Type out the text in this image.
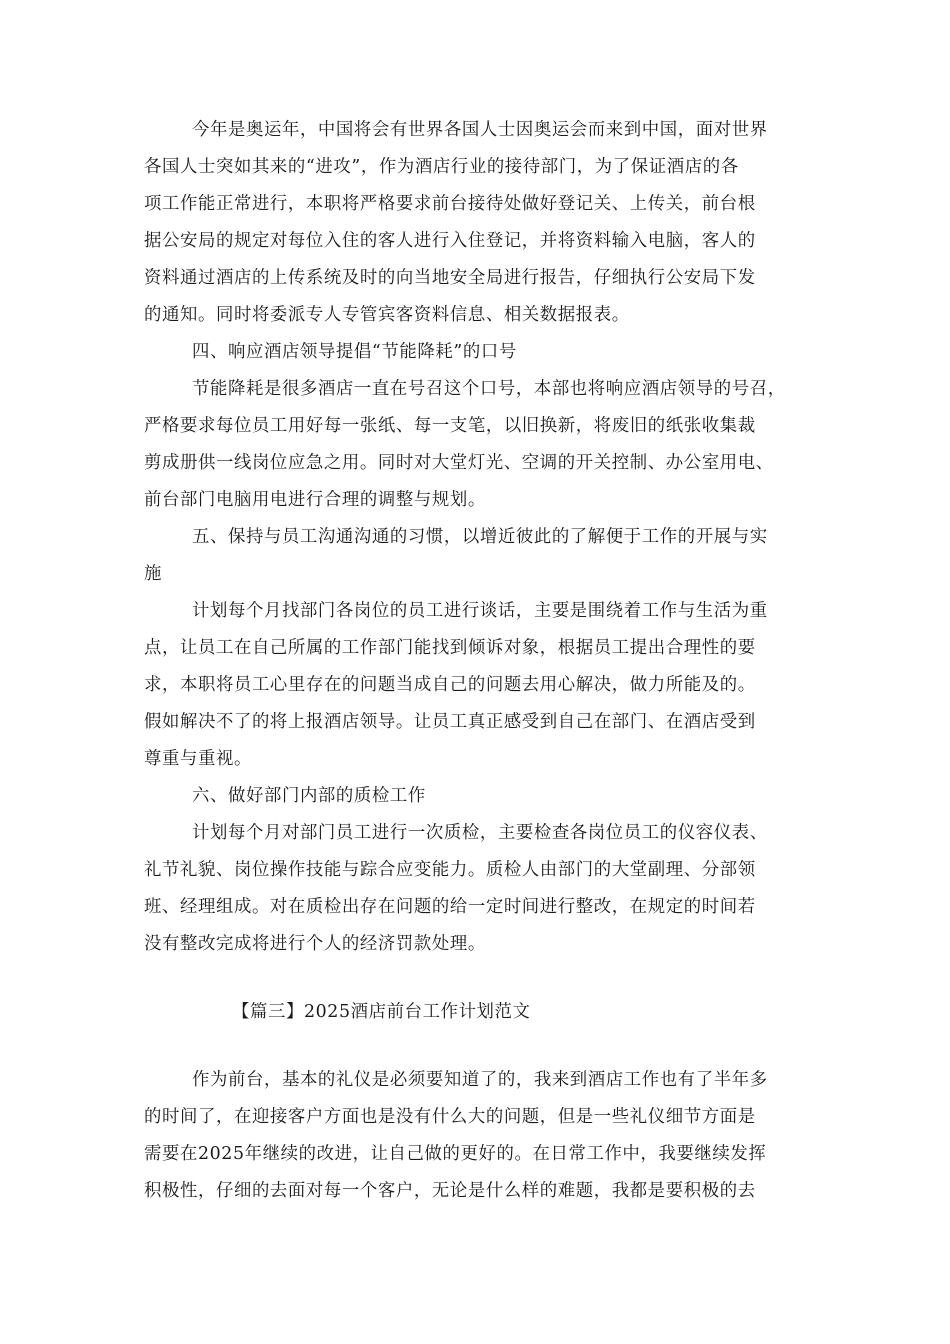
今年是奥运年，中国将会有世界各国人士因奥运会而来到中国，面对世界
各国人士突如其来的“进攻”，作为酒店行业的接待部门，为了保证酒店的各
项工作能正常进行，本职将严格要求前台接待处做好登记关、上传关，前台根
据公安局的规定对每位入住的客人进行入住登记，并将资料输入电脑，客人的
资料通过酒店的上传系统及时的向当地安全局进行报告，仔细执行公安局下发
的通知。同时将委派专人专管宾客资料信息、相关数据报表。
四、响应酒店领导提倡“节能降耗”的口号
节能降耗是很多酒店一直在号召这个口号，本部也将响应酒店领导的号召，
严格要求每位员工用好每一张纸、每一支笔，以旧换新，将废旧的纸张收集裁
剪成册供一线岗位应急之用。同时对大堂灯光、空调的开关控制、办公室用电、
前台部门电脑用电进行合理的调整与规划。
五、保持与员工沟通沟通的习惯，以增近彼此的了解便于工作的开展与实
施
计划每个月找部门各岗位的员工进行谈话，主要是围绕着工作与生活为重
点，让员工在自己所属的工作部门能找到倾诉对象，根据员工提出合理性的要
求，本职将员工心里存在的问题当成自己的问题去用心解决，做力所能及的。
假如解决不了的将上报酒店领导。让员工真正感受到自己在部门、在酒店受到
尊重与重视。
六、做好部门内部的质检工作
计划每个月对部门员工进行一次质检，主要检查各岗位员工的仪容仪表、
礼节礼貌、岗位操作技能与踪合应变能力。质检人由部门的大堂副理、分部领
班、经理组成。对在质检出存在问题的给一定时间进行整改，在规定的时间若
没有整改完成将进行个人的经济罚款处理。
【篇三】2025酒店前台工作计划范文
作为前台，基本的礼仪是必须要知道了的，我来到酒店工作也有了半年多
的时间了，在迎接客户方面也是没有什么大的问题，但是一些礼仪细节方面是
需要在2025年继续的改进，让自己做的更好的。在日常工作中，我要继续发挥
积极性，仔细的去面对每一个客户，无论是什么样的难题，我都是要积极的去
